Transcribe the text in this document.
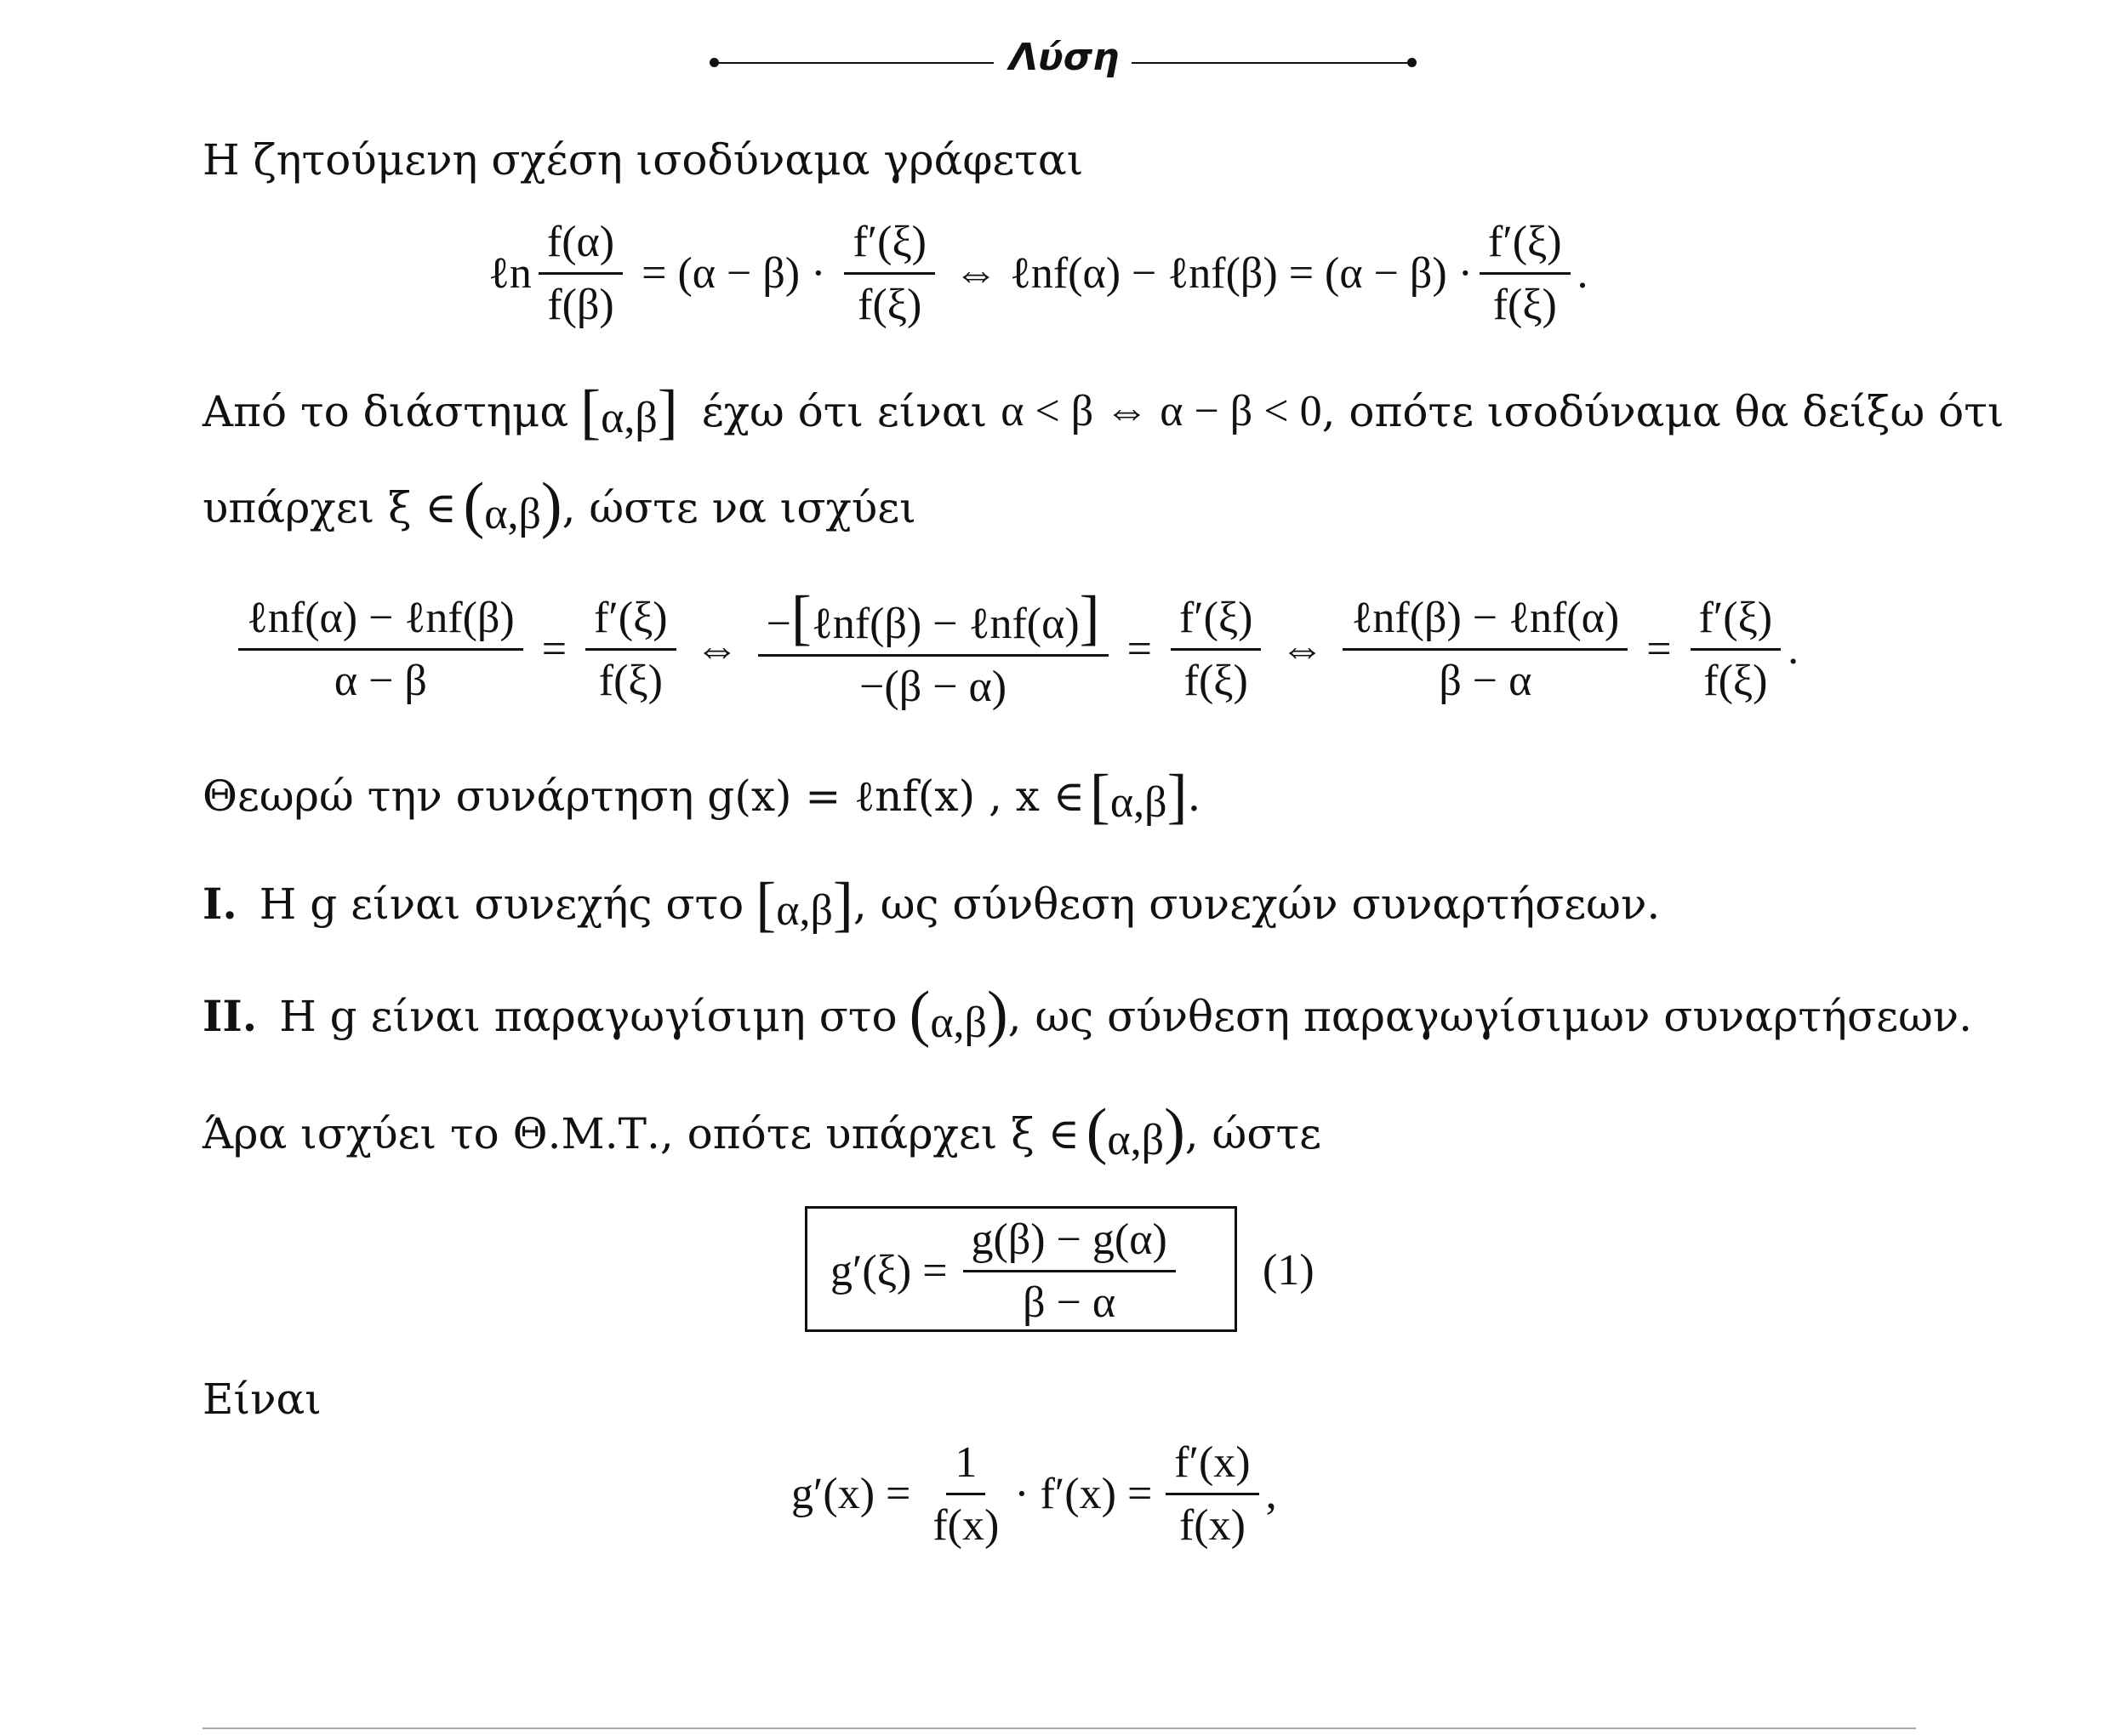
Λύση
Η ζητούμενη σχέση ισοδύναμα γράφεται
ℓn $\frac{f(\alpha)}{f(\beta)} = (\alpha - \beta) \cdot \frac{f'(\xi)}{f(\xi)}$ ⇔ ℓnf(α) − ℓnf(β) = $(\alpha - \beta) \cdot \frac{f'(\xi)}{f(\xi)}$ .
Από το διάστημα [α,β] έχω ότι είναι α < β ⇔ α − β < 0 , οπότε ισοδύναμα θα δείξω ότι
υπάρχει ξ ∈ (α,β) , ώστε να ισχύει
$\frac{\text{ℓnf(α) − ℓnf(β)}}{\alpha - \beta} = \frac{f'(\xi)}{f(\xi)}$ ⇔ $\frac{\text{−[ℓnf(β) − ℓnf(α)]}}{-(\beta - \alpha)} = \frac{f'(\xi)}{f(\xi)}$ ⇔ $\frac{\text{ℓnf(β) − ℓnf(α)}}{\beta - \alpha} = \frac{f'(\xi)}{f(\xi)}$ .
Θεωρώ την συνάρτηση g(x) = ℓnf(x) , x ∈ [α,β] .
I. Η g είναι συνεχής στο [α,β] , ως σύνθεση συνεχών συναρτήσεων.
II. Η g είναι παραγωγίσιμη στο (α,β) , ως σύνθεση παραγωγίσιμων συναρτήσεων.
Άρα ισχύει το Θ.Μ.Τ., οπότε υπάρχει ξ ∈ (α,β) , ώστε
$g'(\xi) = \frac{g(\beta) - g(\alpha)}{\beta - \alpha} (1)$
Είναι
$g'(x) = \frac{1}{f(x)} \cdot f'(x) = \frac{f'(x)}{f(x)}$ ,
